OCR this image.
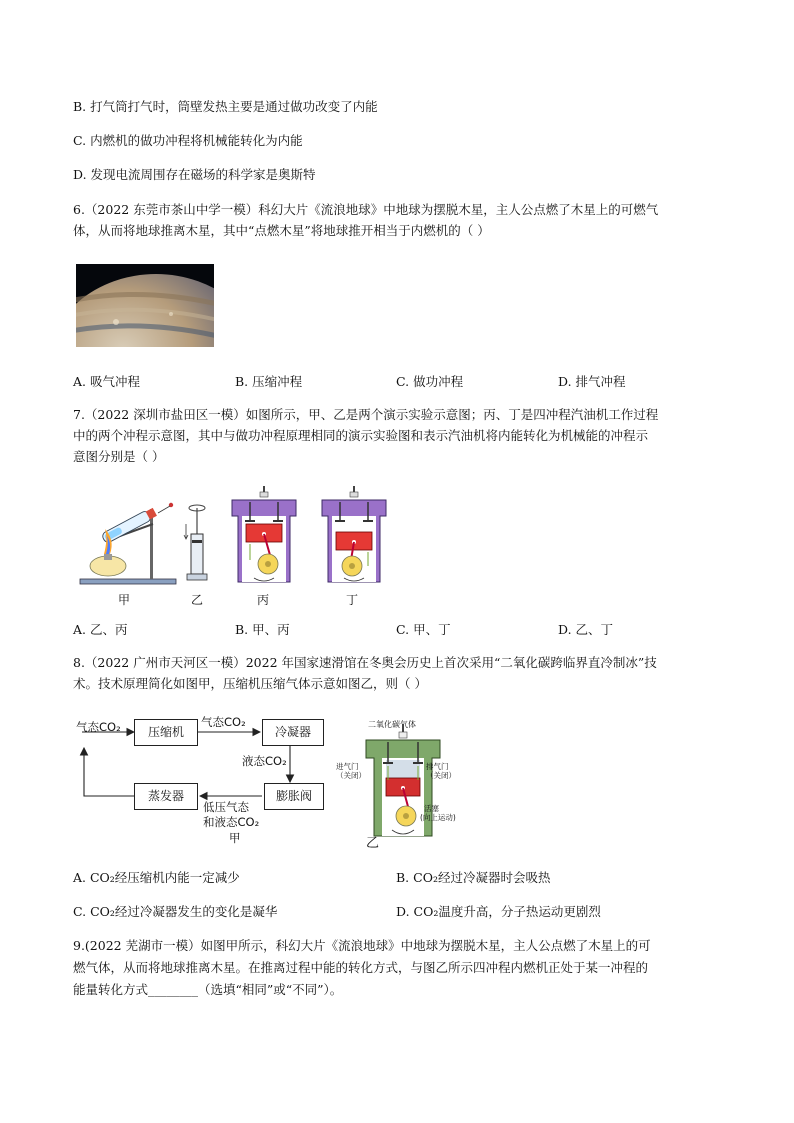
B. 打气筒打气时，筒壁发热主要是通过做功改变了内能
C. 内燃机的做功冲程将机械能转化为内能
D. 发现电流周围存在磁场的科学家是奥斯特
6.（2022 东莞市茶山中学一模）科幻大片《流浪地球》中地球为摆脱木星，主人公点燃了木星上的可燃气
体，从而将地球推离木星，其中“点燃木星”将地球推开相当于内燃机的（ ）
A. 吸气冲程	B. 压缩冲程	C. 做功冲程	D. 排气冲程
7.（2022 深圳市盐田区一模）如图所示，甲、乙是两个演示实验示意图；丙、丁是四冲程汽油机工作过程
中的两个冲程示意图，其中与做功冲程原理相同的演示实验图和表示汽油机将内能转化为机械能的冲程示
意图分别是（ ）
甲	乙	丙	丁
A. 乙、丙	B. 甲、丙	C. 甲、丁	D. 乙、丁
8.（2022 广州市天河区一模）2022 年国家速滑馆在冬奥会历史上首次采用“二氧化碳跨临界直冷制冰”技
术。技术原理简化如图甲，压缩机压缩气体示意如图乙，则（ ）
气态CO₂	压缩机
气态CO₂
冷凝器
液态CO₂
膨胀阀
蒸发器
低压气态
和液态CO₂
甲
二氧化碳气体
进气门
（关闭）
排气门
（关闭）
活塞
(向上运动)
乙
A. CO₂经压缩机内能一定减少	B. CO₂经过冷凝器时会吸热
C. CO₂经过冷凝器发生的变化是凝华	D. CO₂温度升高，分子热运动更剧烈
9.(2022 芜湖市一模）如图甲所示，科幻大片《流浪地球》中地球为摆脱木星，主人公点燃了木星上的可
燃气体，从而将地球推离木星。在推离过程中能的转化方式，与图乙所示四冲程内燃机正处于某一冲程的
能量转化方式________（选填“相同”或“不同”）。
